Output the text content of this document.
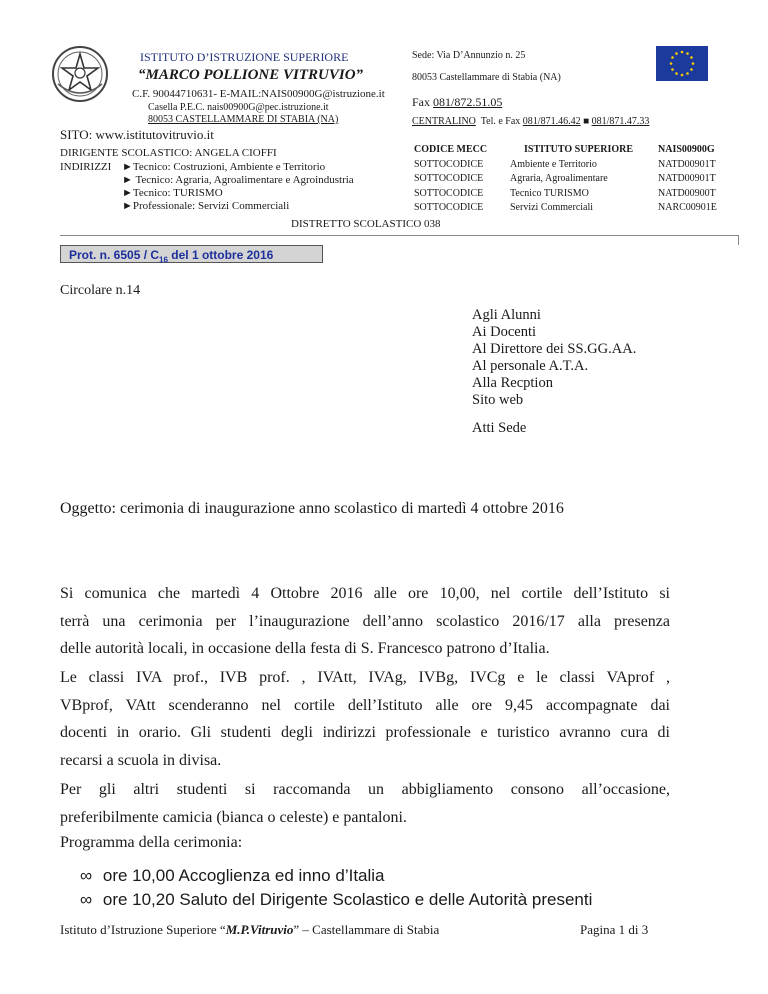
ISTITUTO D’ISTRUZIONE SUPERIORE
“MARCO POLLIONE VITRUVIO”
C.F. 90044710631- E-MAIL:NAIS00900G@istruzione.it
Casella P.E.C. nais00900G@pec.istruzione.it
80053 CASTELLAMMARE DI STABIA (NA)
SITO: www.istitutovitruvio.it
DIRIGENTE SCOLASTICO: ANGELA CIOFFI
INDIRIZZI ►Tecnico: Costruzioni, Ambiente e Territorio
► Tecnico: Agraria, Agroalimentare e Agroindustria
►Tecnico: TURISMO
►Professionale: Servizi Commerciali
Sede: Via D’Annunzio n. 25
80053 Castellammare di Stabia (NA)
Fax 081/872.51.05
CENTRALINO Tel. e Fax 081/871.46.42 ■ 081/871.47.33
CODICE MECC
SOTTOCODICE
SOTTOCODICE
SOTTOCODICE
SOTTOCODICE
ISTITUTO SUPERIORE
Ambiente e Territorio
Agraria, Agroalimentare
Tecnico TURISMO
Servizi Commerciali
NAIS00900G
NATD00901T
NATD00901T
NATD00900T
NARC00901E
DISTRETTO SCOLASTICO 038
Prot. n. $6505 / C_{16}$ del 1 ottobre 2016
Circolare n.14
Agli Alunni
Ai Docenti
Al Direttore dei SS.GG.AA.
Al personale A.T.A.
Alla Recption
Sito web
Atti Sede
Oggetto: cerimonia di inaugurazione anno scolastico di martedì 4 ottobre 2016
Si comunica che martedì 4 Ottobre 2016 alle ore 10,00, nel cortile dell’Istituto si
terrà una cerimonia per l’inaugurazione dell’anno scolastico 2016/17 alla presenza
delle autorità locali, in occasione della festa di S. Francesco patrono d’Italia.
Le classi IVA prof., IVB prof. , IVAtt, IVAg, IVBg, IVCg e le classi VAprof ,
VBprof, VAtt scenderanno nel cortile dell’Istituto alle ore 9,45 accompagnate dai
docenti in orario. Gli studenti degli indirizzi professionale e turistico avranno cura di
recarsi a scuola in divisa.
Per gli altri studenti si raccomanda un abbigliamento consono all’occasione,
preferibilmente camicia (bianca o celeste) e pantaloni.
Programma della cerimonia:
∞ ore 10,00 Accoglienza ed inno d’Italia
∞ ore 10,20 Saluto del Dirigente Scolastico e delle Autorità presenti
Istituto d’Istruzione Superiore “M.P.Vitruvio” – Castellammare di Stabia	Pagina 1 di 3
